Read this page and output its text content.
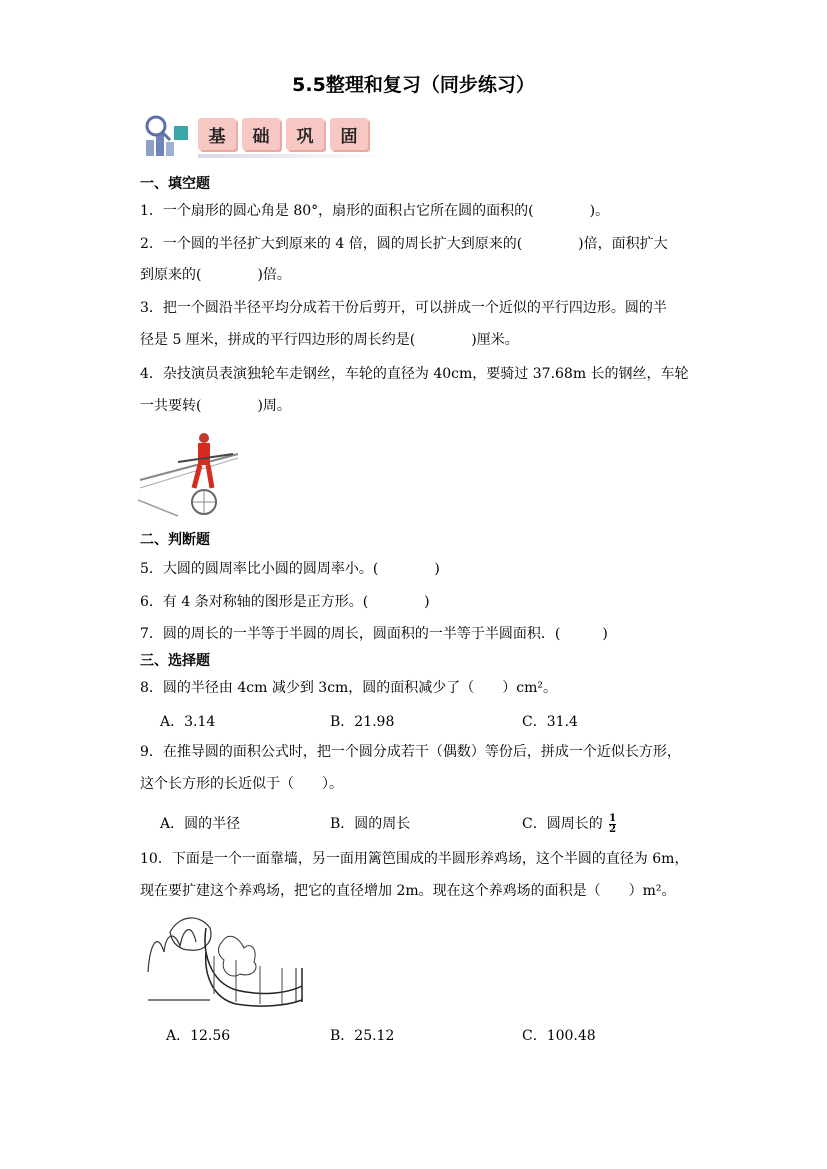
5.5整理和复习（同步练习）
基	础	巩	固
一、填空题
1．一个扇形的圆心角是 80°，扇形的面积占它所在圆的面积的(　　　　)。
2．一个圆的半径扩大到原来的 4 倍，圆的周长扩大到原来的(　　　　)倍，面积扩大
到原来的(　　　　)倍。
3．把一个圆沿半径平均分成若干份后剪开，可以拼成一个近似的平行四边形。圆的半
径是 5 厘米，拼成的平行四边形的周长约是(　　　　)厘米。
4．杂技演员表演独轮车走钢丝，车轮的直径为 40cm，要骑过 37.68m 长的钢丝，车轮
一共要转(　　　　)周。
二、判断题
5．大圆的圆周率比小圆的圆周率小。(　　　　)
6．有 4 条对称轴的图形是正方形。(　　　　)
7．圆的周长的一半等于半圆的周长，圆面积的一半等于半圆面积．(　　　)
三、选择题
8．圆的半径由 4cm 减少到 3cm，圆的面积减少了（　　）cm²。
A．3.14	B．21.98	C．31.4
9．在推导圆的面积公式时，把一个圆分成若干（偶数）等份后，拼成一个近似长方形，
这个长方形的长近似于（　　）。
A．圆的半径	B．圆的周长	C．圆周长的 $\frac{1}{2}$
10．下面是一个一面靠墙，另一面用篱笆围成的半圆形养鸡场，这个半圆的直径为 6m，
现在要扩建这个养鸡场，把它的直径增加 2m。现在这个养鸡场的面积是（　　）m²。
A．12.56	B．25.12	C．100.48
